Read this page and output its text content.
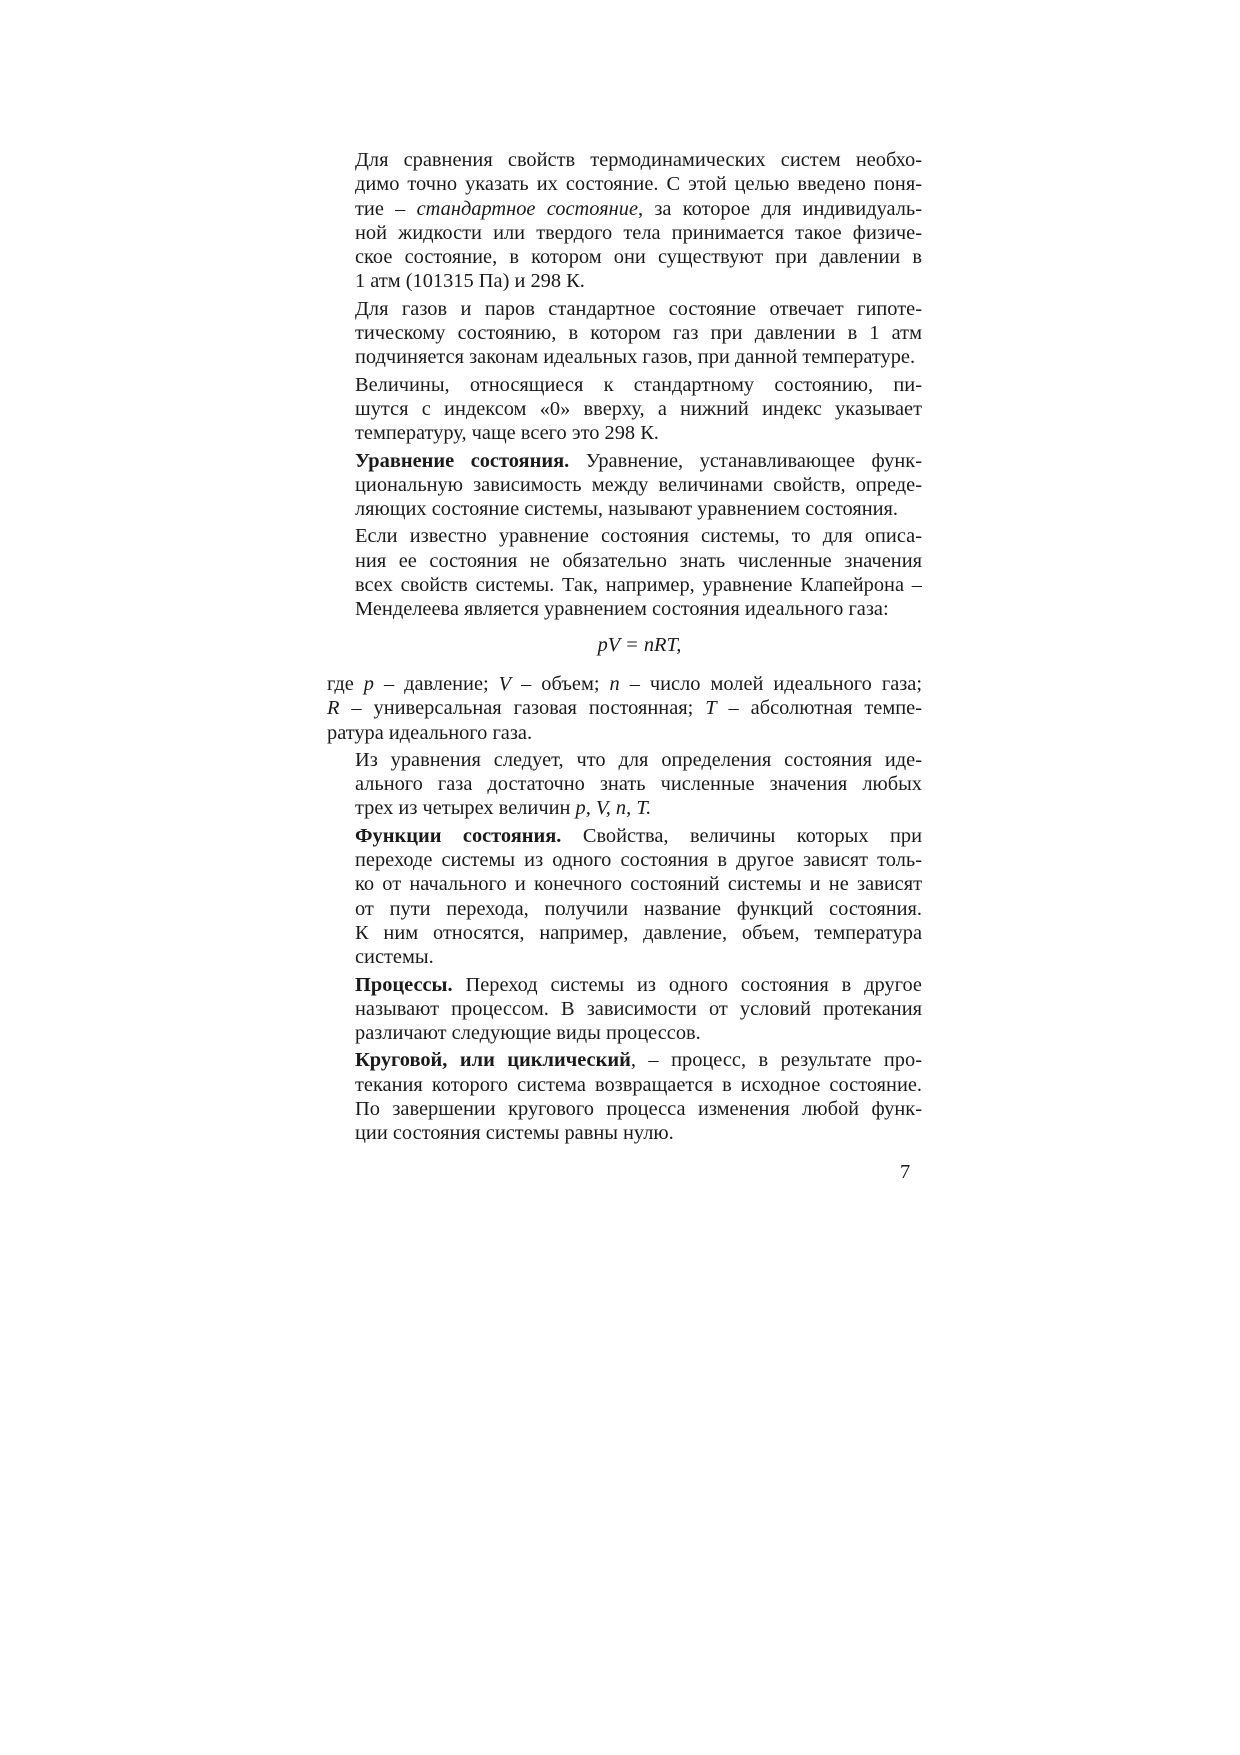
Для сравнения свойств термодинамических систем необхо-
димо точно указать их состояние. С этой целью введено поня-
тие – стандартное состояние, за которое для индивидуаль-
ной жидкости или твердого тела принимается такое физиче-
ское состояние, в котором они существуют при давлении в
1 атм (101315 Па) и 298 К.

Для газов и паров стандартное состояние отвечает гипоте-
тическому состоянию, в котором газ при давлении в 1 атм
подчиняется законам идеальных газов, при данной температуре.

Величины, относящиеся к стандартному состоянию, пи-
шутся с индексом «0» вверху, а нижний индекс указывает
температуру, чаще всего это 298 К.

Уравнение состояния. Уравнение, устанавливающее функ-
циональную зависимость между величинами свойств, опреде-
ляющих состояние системы, называют уравнением состояния.

Если известно уравнение состояния системы, то для описа-
ния ее состояния не обязательно знать численные значения
всех свойств системы. Так, например, уравнение Клапейрона –
Менделеева является уравнением состояния идеального газа:

pV = nRT,

где p – давление; V – объем; n – число молей идеального газа;
R – универсальная газовая постоянная; T – абсолютная темпе-
ратура идеального газа.

Из уравнения следует, что для определения состояния иде-
ального газа достаточно знать численные значения любых
трех из четырех величин p, V, n, T.

Функции состояния. Свойства, величины которых при
переходе системы из одного состояния в другое зависят толь-
ко от начального и конечного состояний системы и не зависят
от пути перехода, получили название функций состояния.
К ним относятся, например, давление, объем, температура
системы.

Процессы. Переход системы из одного состояния в другое
называют процессом. В зависимости от условий протекания
различают следующие виды процессов.

Круговой, или циклический, – процесс, в результате про-
текания которого система возвращается в исходное состояние.
По завершении кругового процесса изменения любой функ-
ции состояния системы равны нулю.

7
